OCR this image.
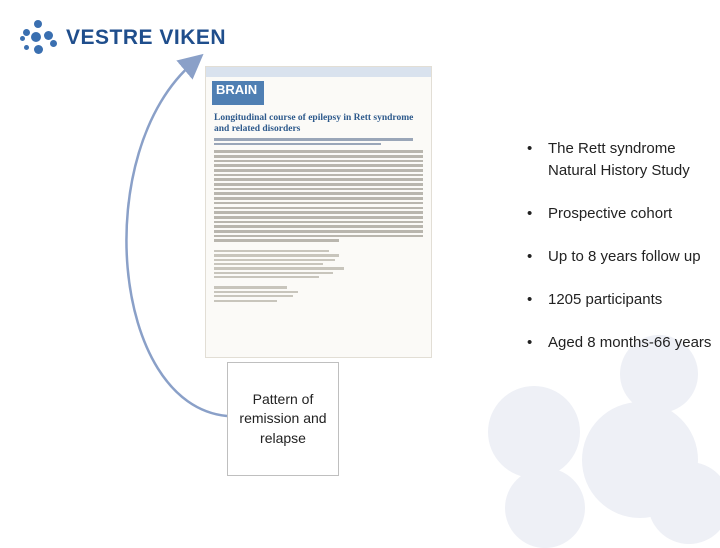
VESTRE VIKEN
BRAIN
Longitudinal course of epilepsy in Rett syndrome and related disorders
Pattern of remission and relapse
• The Rett syndrome Natural History Study
• Prospective cohort
• Up to 8 years follow up
• 1205 participants
• Aged 8 months-66 years
